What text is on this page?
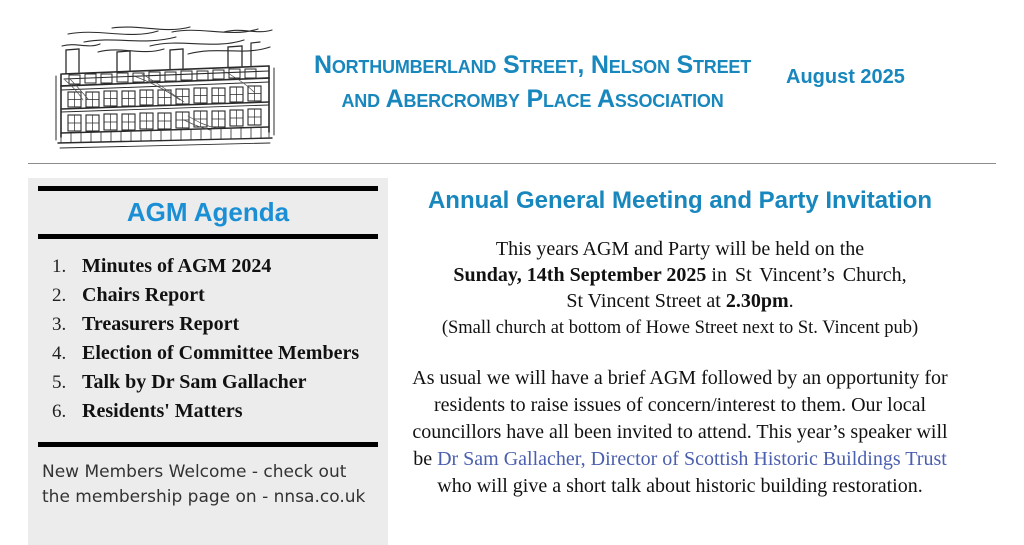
Northumberland Street, Nelson Street
and Abercromby Place Association
August 2025
AGM Agenda
Minutes of AGM 2024
Chairs Report
Treasurers Report
Election of Committee Members
Talk by Dr Sam Gallacher
Residents' Matters
New Members Welcome - check out
the membership page on - nnsa.co.uk
Annual General Meeting and Party Invitation

This years AGM and Party will be held on the
Sunday, 14th September 2025 in St Vincent’s Church,
St Vincent Street at 2.30pm.
(Small church at bottom of Howe Street next to St. Vincent pub)

As usual we will have a brief AGM followed by an opportunity for residents to raise issues of concern/interest to them. Our local councillors have all been invited to attend. This year’s speaker will be Dr Sam Gallacher, Director of Scottish Historic Buildings Trust who will give a short talk about historic building restoration.
